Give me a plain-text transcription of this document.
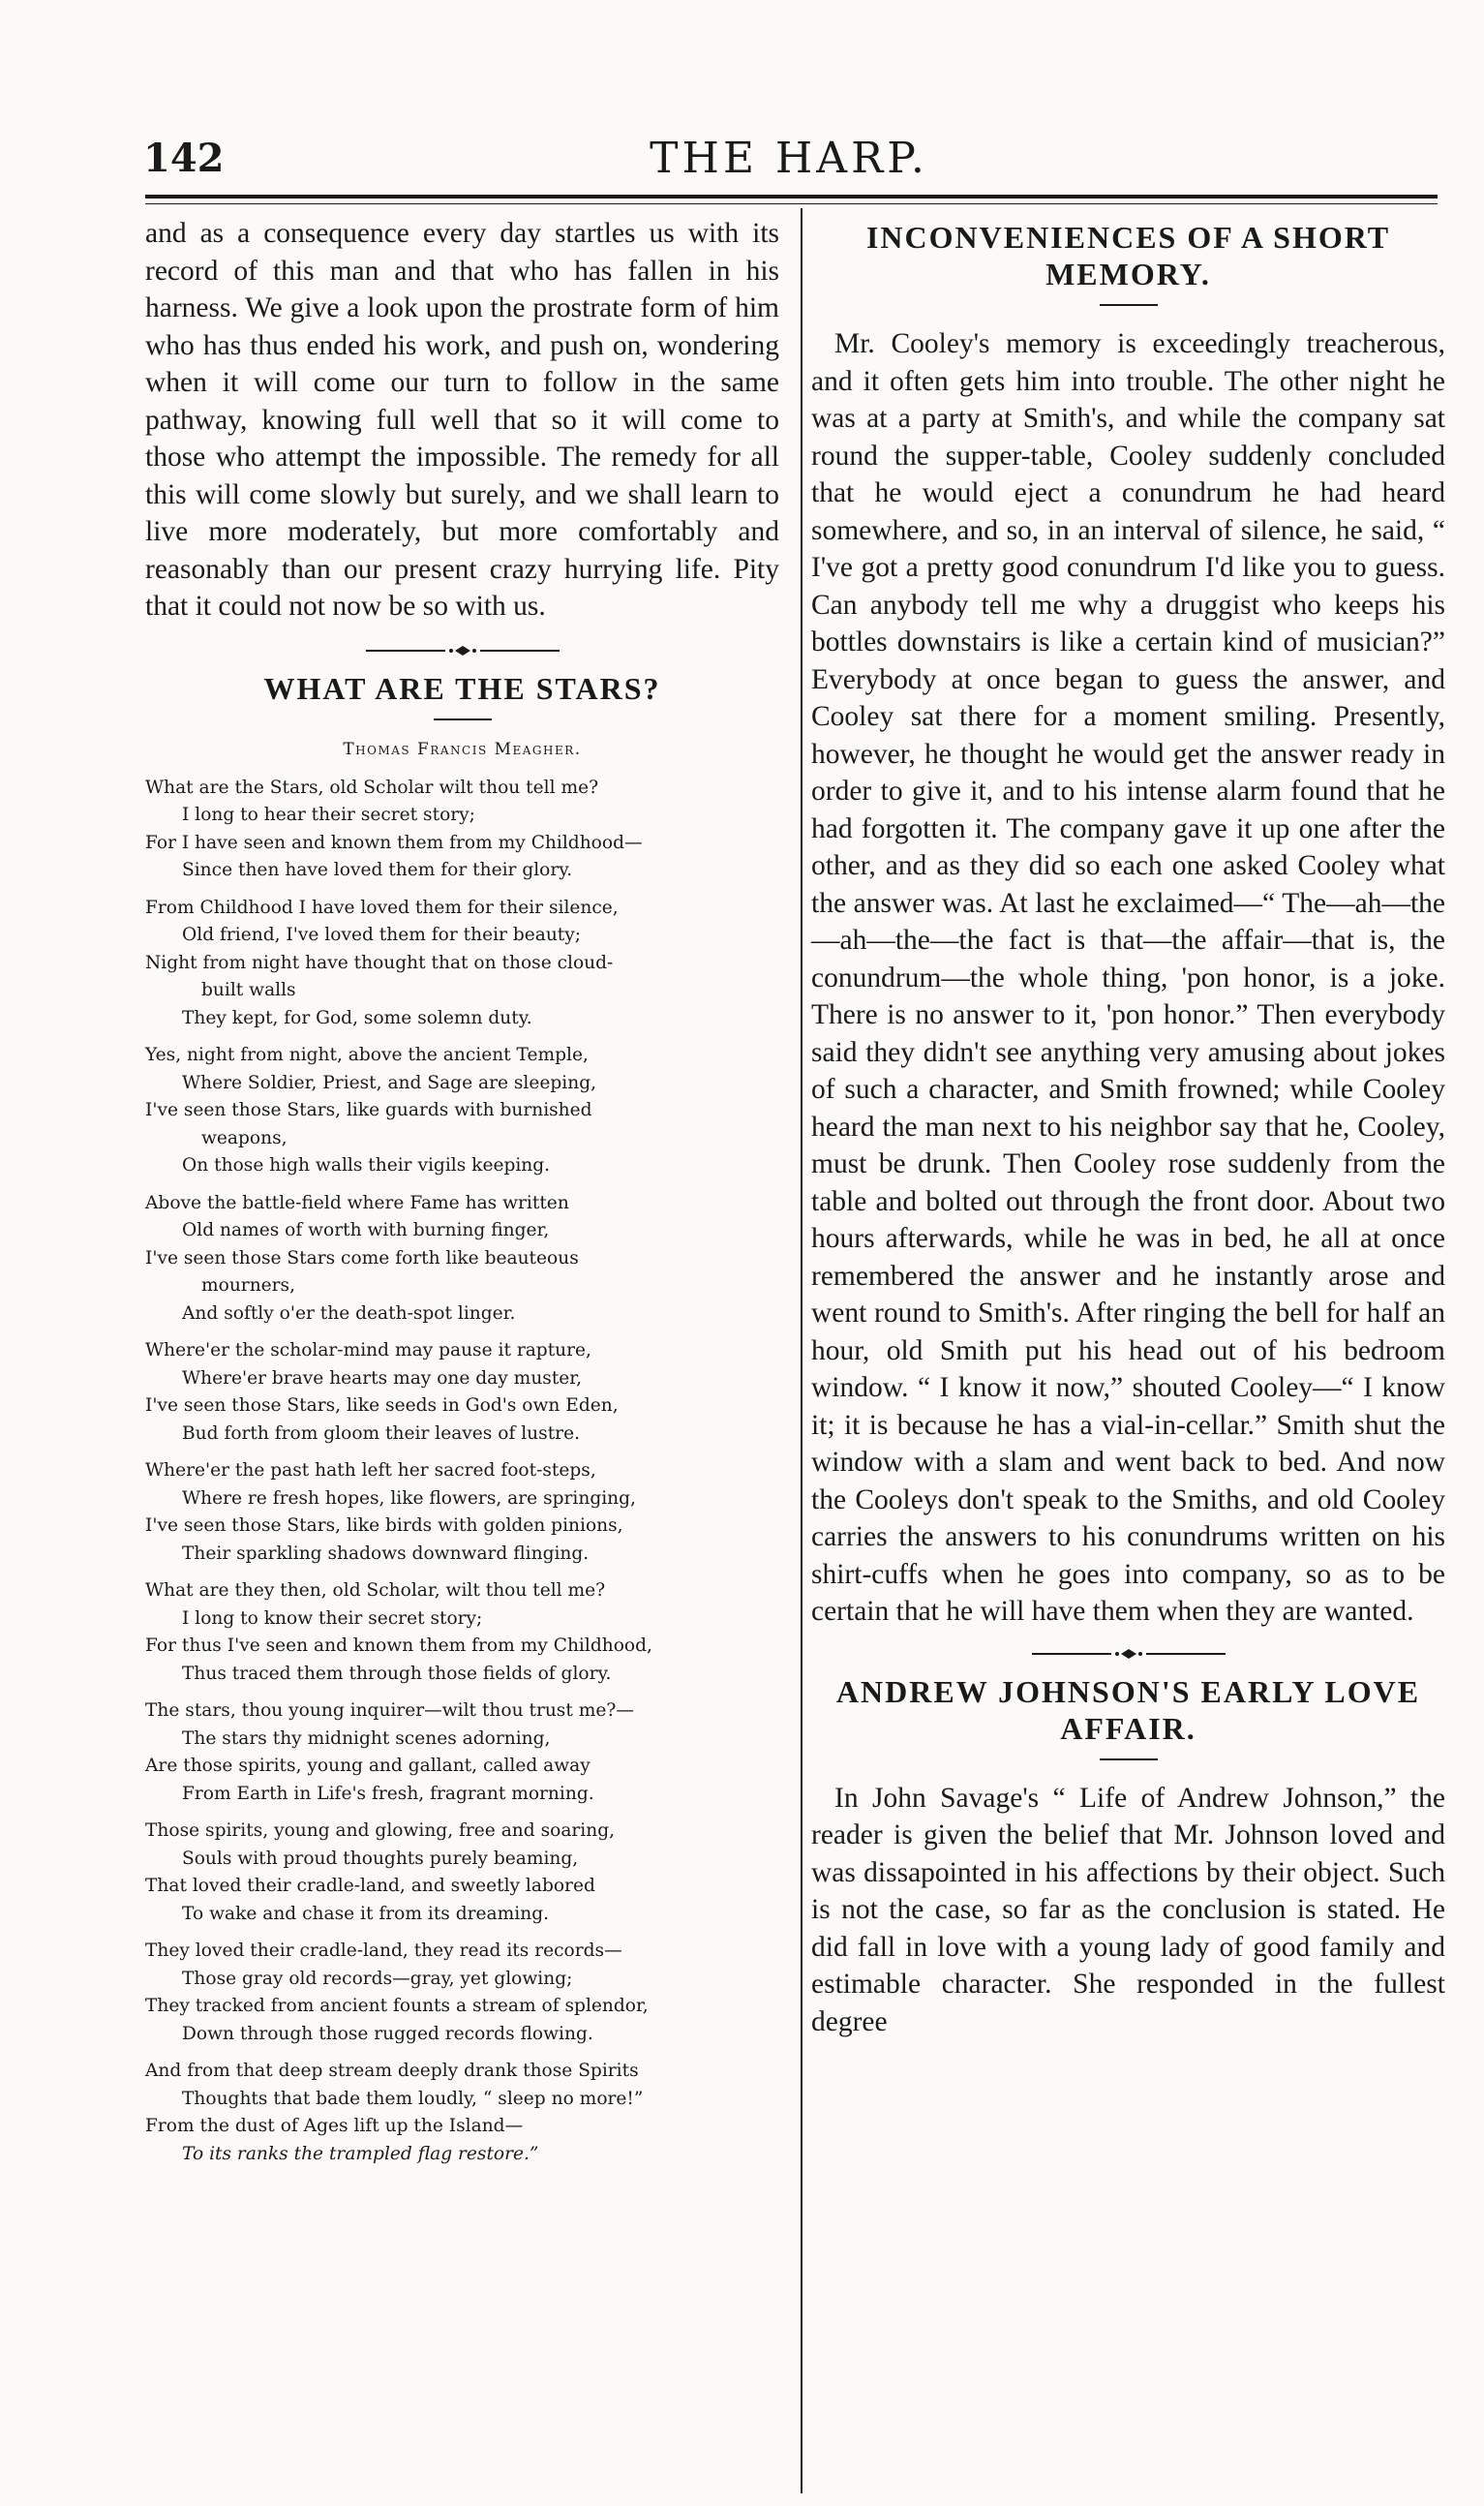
142	THE HARP.

and as a consequence every day startles us with its record of this man and that who has fallen in his harness. We give a look upon the prostrate form of him who has thus ended his work, and push on, wondering when it will come our turn to follow in the same pathway, knowing full well that so it will come to those who attempt the impossible. The remedy for all this will come slowly but surely, and we shall learn to live more moderately, but more comfortably and reasonably than our present crazy hurrying life. Pity that it could not now be so with us.

WHAT ARE THE STARS?
Thomas Francis Meagher.
What are the Stars, old Scholar wilt thou tell me?
I long to hear their secret story;
For I have seen and known them from my Childhood—
Since then have loved them for their glory.
From Childhood I have loved them for their silence,
Old friend, I've loved them for their beauty;
Night from night have thought that on those cloud-
built walls
They kept, for God, some solemn duty.
Yes, night from night, above the ancient Temple,
Where Soldier, Priest, and Sage are sleeping,
I've seen those Stars, like guards with burnished
weapons,
On those high walls their vigils keeping.
Above the battle-field where Fame has written
Old names of worth with burning finger,
I've seen those Stars come forth like beauteous
mourners,
And softly o'er the death-spot linger.
Where'er the scholar-mind may pause it rapture,
Where'er brave hearts may one day muster,
I've seen those Stars, like seeds in God's own Eden,
Bud forth from gloom their leaves of lustre.
Where'er the past hath left her sacred foot-steps,
Where re fresh hopes, like flowers, are springing,
I've seen those Stars, like birds with golden pinions,
Their sparkling shadows downward flinging.
What are they then, old Scholar, wilt thou tell me?
I long to know their secret story;
For thus I've seen and known them from my Childhood,
Thus traced them through those fields of glory.
The stars, thou young inquirer—wilt thou trust me?—
The stars thy midnight scenes adorning,
Are those spirits, young and gallant, called away
From Earth in Life's fresh, fragrant morning.
Those spirits, young and glowing, free and soaring,
Souls with proud thoughts purely beaming,
That loved their cradle-land, and sweetly labored
To wake and chase it from its dreaming.
They loved their cradle-land, they read its records—
Those gray old records—gray, yet glowing;
They tracked from ancient founts a stream of splendor,
Down through those rugged records flowing.
And from that deep stream deeply drank those Spirits
Thoughts that bade them loudly, “ sleep no more!”
From the dust of Ages lift up the Island—
To its ranks the trampled flag restore.”
INCONVENIENCES OF A SHORT MEMORY.

Mr. Cooley's memory is exceedingly treacherous, and it often gets him into trouble. The other night he was at a party at Smith's, and while the company sat round the supper-table, Cooley suddenly concluded that he would eject a conundrum he had heard somewhere, and so, in an interval of silence, he said, “ I've got a pretty good conundrum I'd like you to guess. Can anybody tell me why a druggist who keeps his bottles downstairs is like a certain kind of musician?” Everybody at once began to guess the answer, and Cooley sat there for a moment smiling. Presently, however, he thought he would get the answer ready in order to give it, and to his intense alarm found that he had forgotten it. The company gave it up one after the other, and as they did so each one asked Cooley what the answer was. At last he exclaimed—“ The—ah—the—ah—the—the fact is that—the affair—that is, the conundrum—the whole thing, 'pon honor, is a joke. There is no answer to it, 'pon honor.” Then everybody said they didn't see anything very amusing about jokes of such a character, and Smith frowned; while Cooley heard the man next to his neighbor say that he, Cooley, must be drunk. Then Cooley rose suddenly from the table and bolted out through the front door. About two hours afterwards, while he was in bed, he all at once remembered the answer and he instantly arose and went round to Smith's. After ringing the bell for half an hour, old Smith put his head out of his bedroom window. “ I know it now,” shouted Cooley—“ I know it; it is because he has a vial-in-cellar.” Smith shut the window with a slam and went back to bed. And now the Cooleys don't speak to the Smiths, and old Cooley carries the answers to his conundrums written on his shirt-cuffs when he goes into company, so as to be certain that he will have them when they are wanted.

ANDREW JOHNSON'S EARLY LOVE AFFAIR.

In John Savage's “ Life of Andrew Johnson,” the reader is given the belief that Mr. Johnson loved and was dissapointed in his affections by their object. Such is not the case, so far as the conclusion is stated. He did fall in love with a young lady of good family and estimable character. She responded in the fullest degree
